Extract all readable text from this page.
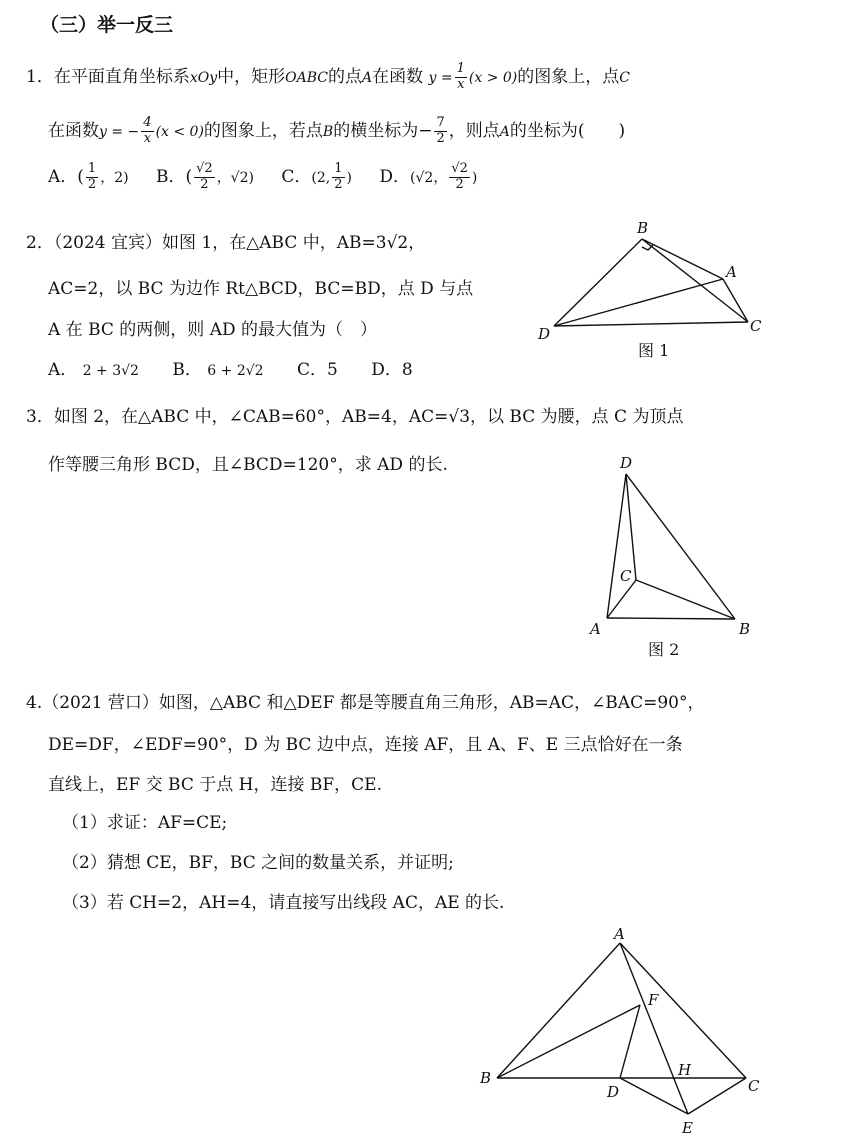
（三）举一反三
1．在平面直角坐标系xOy中，矩形OABC的点A在函数 $y = \frac{1}{x} (x > 0)$的图象上，点C
在函数y = − $\frac{4}{x} (x < 0)$的图象上，若点B的横坐标为− $\frac{7}{2}$ ，则点A的坐标为(　　)
A．( $\frac{1}{2}$ ，2) B．( $\frac{√2}{2}$ ，√2) C．(2, $\frac{1}{2}$ ) D．(√2， $\frac{√2}{2}$ )
2．（2024 宜宾）如图 1，在△ABC 中，AB=3√2，
AC=2，以 BC 为边作 Rt△BCD，BC=BD，点 D 与点
A 在 BC 的两侧，则 AD 的最大值为（　）
A． 2 + 3√2 B． 6 + 2√2 C．5 D．8
B
A
D	C
图 1
3．如图 2，在△ABC 中，∠CAB=60°，AB=4，AC=√3，以 BC 为腰，点 C 为顶点
作等腰三角形 BCD，且∠BCD=120°，求 AD 的长.	D
C
A	B
图 2
4.（2021 营口）如图，△ABC 和△DEF 都是等腰直角三角形，AB=AC，∠BAC=90°，
DE=DF，∠EDF=90°，D 为 BC 边中点，连接 AF，且 A、F、E 三点恰好在一条
直线上，EF 交 BC 于点 H，连接 BF，CE.
（1）求证：AF=CE;
（2）猜想 CE，BF，BC 之间的数量关系，并证明;
（3）若 CH=2，AH=4，请直接写出线段 AC，AE 的长.
A
F
B	H
C
D
E
